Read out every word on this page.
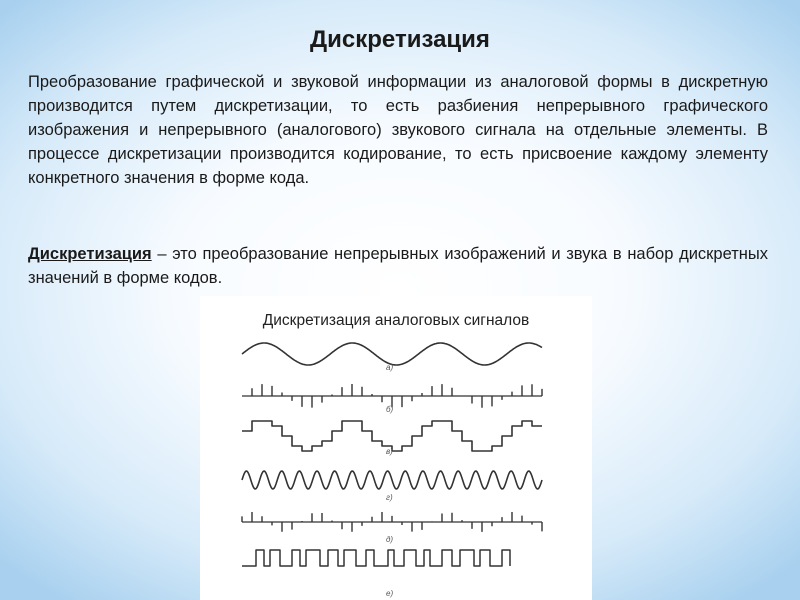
Дискретизация

Преобразование графической и звуковой информации из аналоговой формы в дискретную производится путем дискретизации, то есть разбиения непрерывного графического изображения и непрерывного (аналогового) звукового сигнала на отдельные элементы. В процессе дискретизации производится кодирование, то есть присвоение каждому элементу конкретного значения в форме кода.

Дискретизация – это преобразование непрерывных изображений и звука в набор дискретных значений в форме кодов.

Дискретизация аналоговых сигналов

а)
б)
в)
г)
д)
е)
